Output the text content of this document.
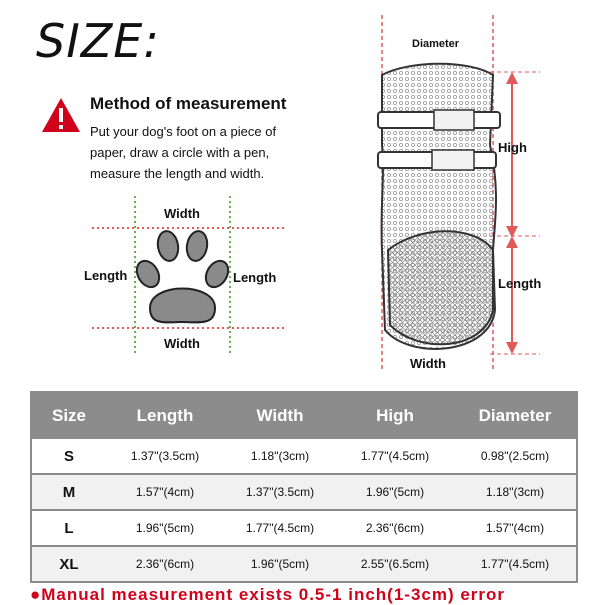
SIZE:
Method of measurement
Put your dog's foot on a piece of paper, draw a circle with a pen, measure the length and width.
Width
Width
Length	Length
Diameter
High
Length
Width
Size	Length	Width	High	Diameter
S	1.37"(3.5cm)	1.18"(3cm)	1.77"(4.5cm)	0.98"(2.5cm)
M	1.57"(4cm)	1.37"(3.5cm)	1.96"(5cm)	1.18"(3cm)
L	1.96"(5cm)	1.77"(4.5cm)	2.36"(6cm)	1.57"(4cm)
XL	2.36"(6cm)	1.96"(5cm)	2.55"(6.5cm)	1.77"(4.5cm)
●Manual measurement exists 0.5-1 inch(1-3cm) error
